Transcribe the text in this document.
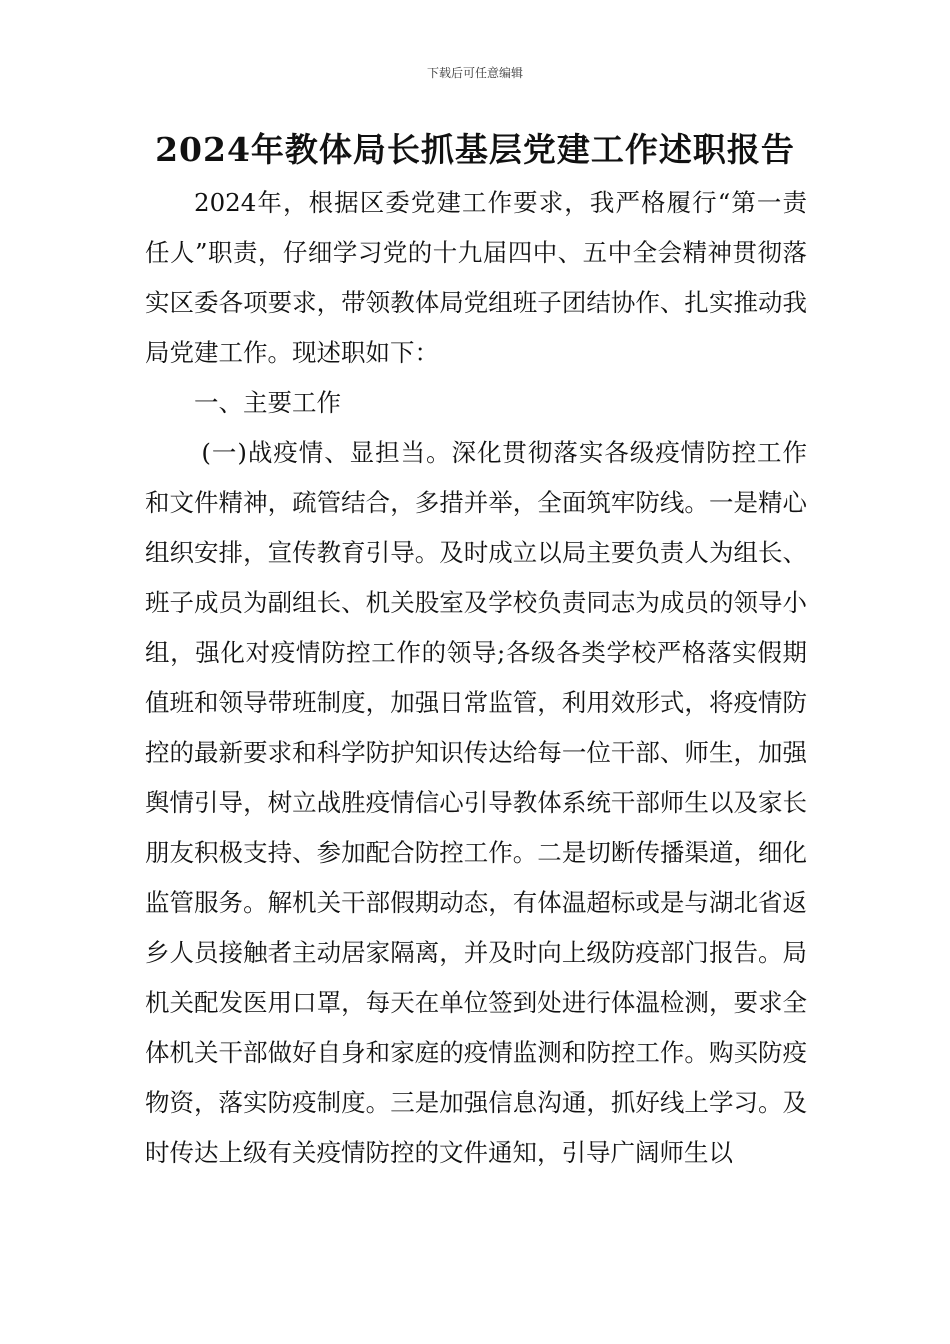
下载后可任意编辑
2024年教体局长抓基层党建工作述职报告

2024年，根据区委党建工作要求，我严格履行“第一责任人”职责，仔细学习党的十九届四中、五中全会精神贯彻落实区委各项要求，带领教体局党组班子团结协作、扎实推动我局党建工作。现述职如下：

一、主要工作

(一)战疫情、显担当。深化贯彻落实各级疫情防控工作和文件精神，疏管结合，多措并举，全面筑牢防线。一是精心组织安排，宣传教育引导。及时成立以局主要负责人为组长、班子成员为副组长、机关股室及学校负责同志为成员的领导小组，强化对疫情防控工作的领导;各级各类学校严格落实假期值班和领导带班制度，加强日常监管，利用效形式，将疫情防控的最新要求和科学防护知识传达给每一位干部、师生，加强舆情引导，树立战胜疫情信心引导教体系统干部师生以及家长朋友积极支持、参加配合防控工作。二是切断传播渠道，细化监管服务。解机关干部假期动态，有体温超标或是与湖北省返乡人员接触者主动居家隔离，并及时向上级防疫部门报告。局机关配发医用口罩，每天在单位签到处进行体温检测，要求全体机关干部做好自身和家庭的疫情监测和防控工作。购买防疫物资，落实防疫制度。三是加强信息沟通，抓好线上学习。及时传达上级有关疫情防控的文件通知，引导广阔师生以
